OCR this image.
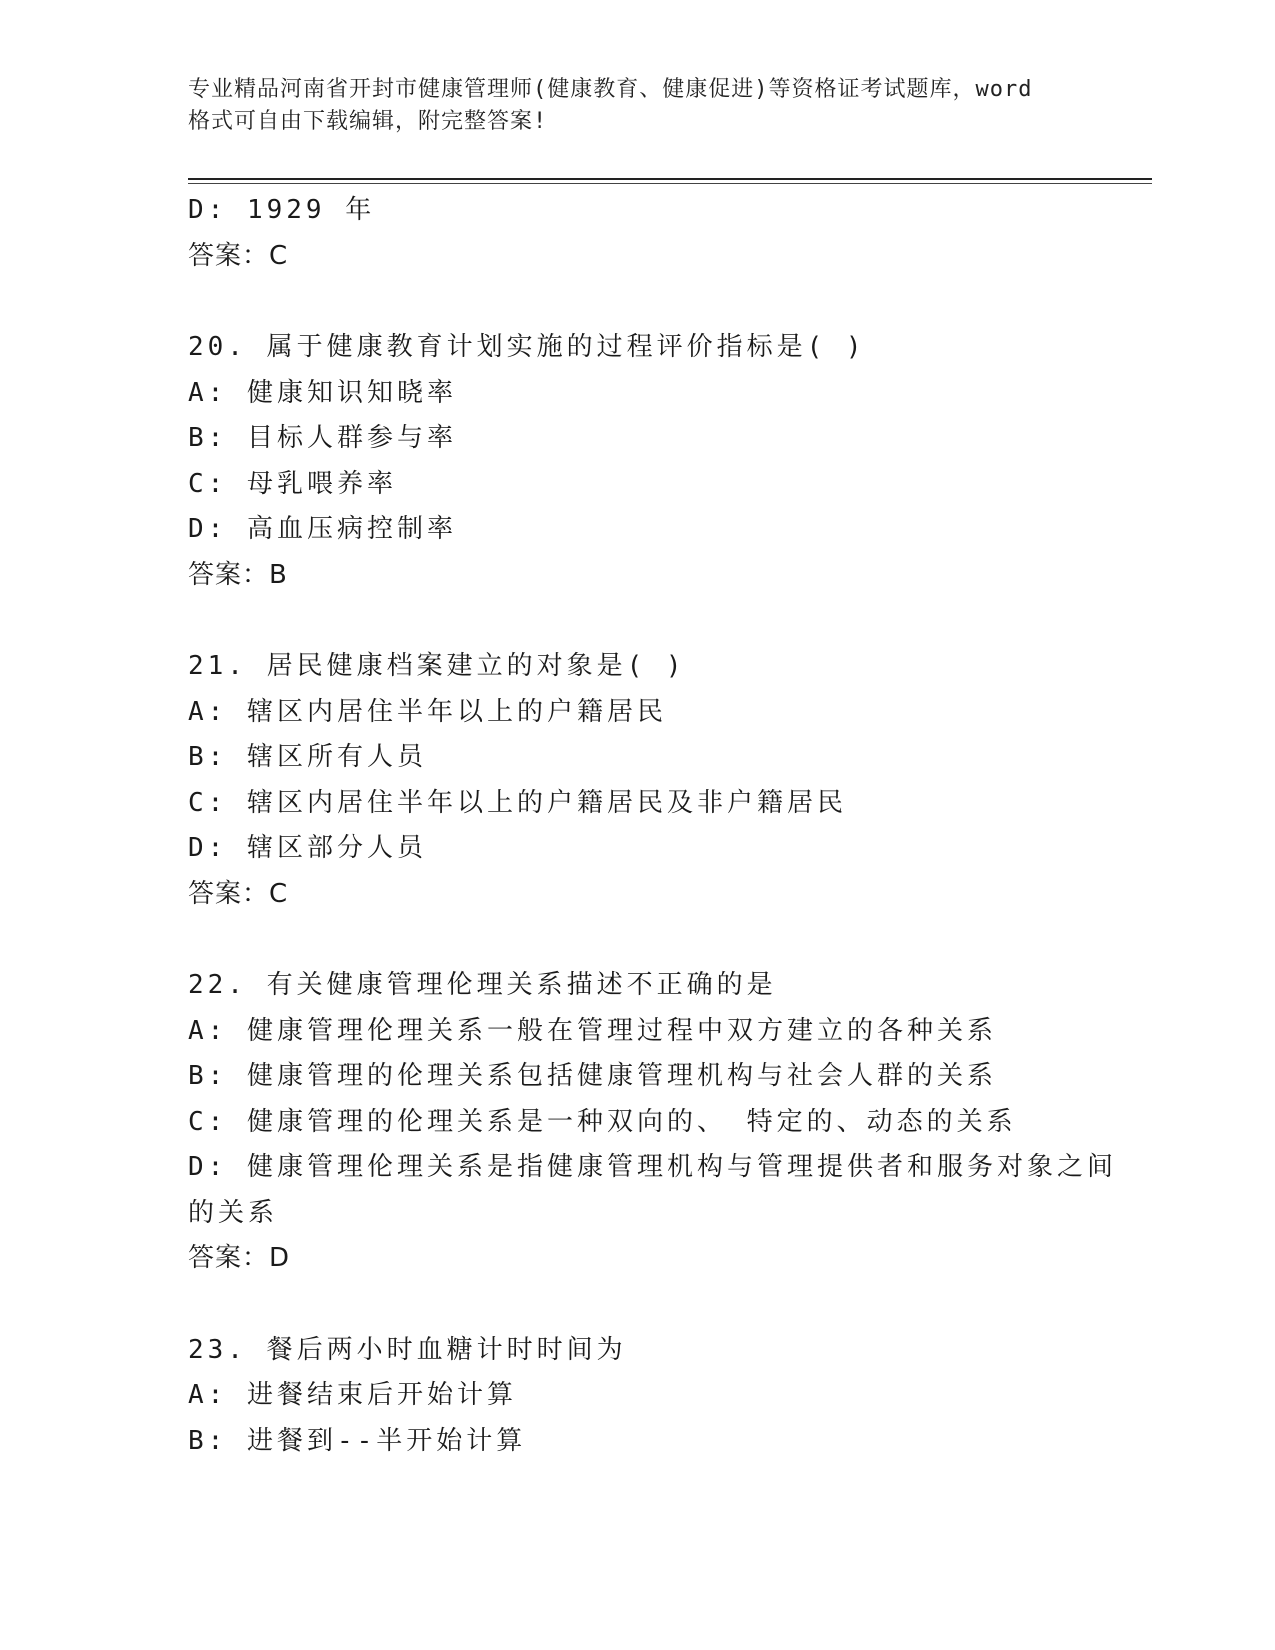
专业精品河南省开封市健康管理师(健康教育、健康促进)等资格证考试题库，word
格式可自由下载编辑，附完整答案!
D: 1929 年
答案：C
20. 属于健康教育计划实施的过程评价指标是( )
A: 健康知识知晓率
B: 目标人群参与率
C: 母乳喂养率
D: 高血压病控制率
答案：B
21. 居民健康档案建立的对象是( )
A: 辖区内居住半年以上的户籍居民
B: 辖区所有人员
C: 辖区内居住半年以上的户籍居民及非户籍居民
D: 辖区部分人员
答案：C
22. 有关健康管理伦理关系描述不正确的是
A: 健康管理伦理关系一般在管理过程中双方建立的各种关系
B: 健康管理的伦理关系包括健康管理机构与社会人群的关系
C: 健康管理的伦理关系是一种双向的、 特定的、动态的关系
D: 健康管理伦理关系是指健康管理机构与管理提供者和服务对象之间
的关系
答案：D
23. 餐后两小时血糖计时时间为
A: 进餐结束后开始计算
B: 进餐到--半开始计算
